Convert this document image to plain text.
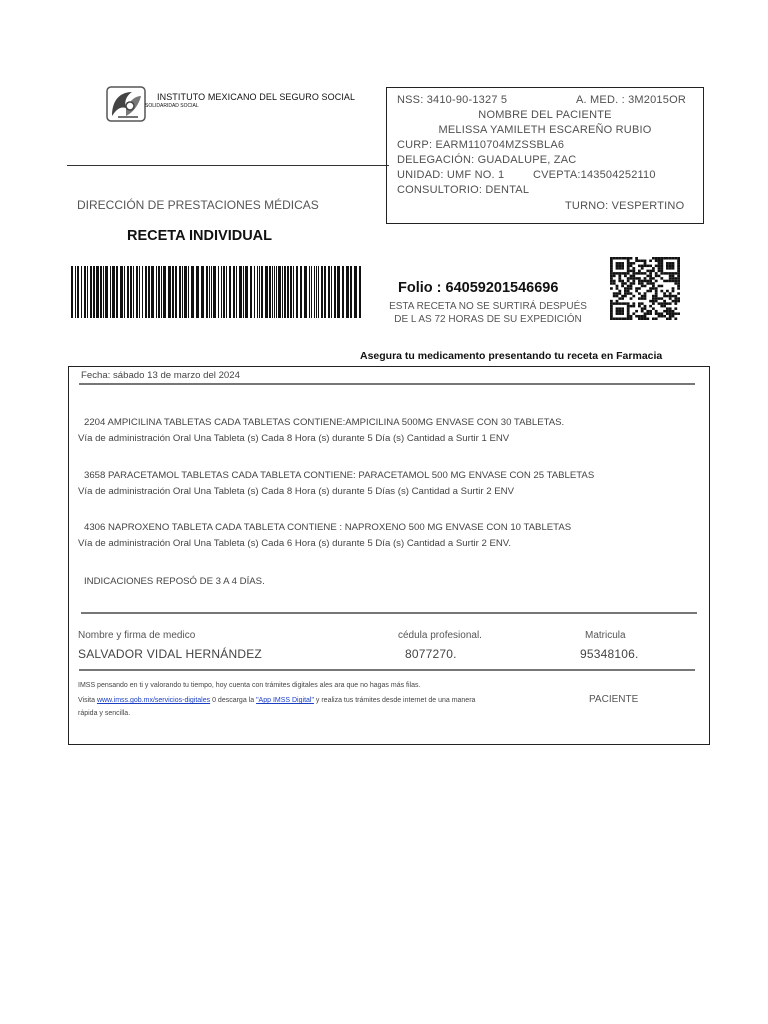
INSTITUTO MEXICANO DEL SEGURO SOCIAL
SOLIDARIDAD SOCIAL	NSS: 3410-90-1327 5	A. MED. : 3M2015OR
NOMBRE DEL PACIENTE
MELISSA YAMILETH ESCAREÑO RUBIO
CURP: EARM110704MZSSBLA6
DELEGACIÓN: GUADALUPE, ZAC
UNIDAD: UMF NO. 1	CVEPTA:143504252110
CONSULTORIO: DENTAL
TURNO: VESPERTINO
DIRECCIÓN DE PRESTACIONES MÉDICAS
RECETA INDIVIDUAL
Folio : 64059201546696
ESTA RECETA NO SE SURTIRÁ DESPUÉS
DE L AS 72 HORAS DE SU EXPEDICIÓN
Asegura tu medicamento presentando tu receta en Farmacia
Fecha: sábado 13 de marzo del 2024
2204 AMPICILINA TABLETAS CADA TABLETAS CONTIENE:AMPICILINA 500MG ENVASE CON 30 TABLETAS.
Vía de administración Oral Una Tableta (s) Cada 8 Hora (s) durante 5 Día (s) Cantidad a Surtir 1 ENV
3658 PARACETAMOL TABLETAS CADA TABLETA CONTIENE: PARACETAMOL 500 MG ENVASE CON 25 TABLETAS
Vía de administración Oral Una Tableta (s) Cada 8 Hora (s) durante 5 Días (s) Cantidad a Surtir 2 ENV
4306 NAPROXENO TABLETA CADA TABLETA CONTIENE : NAPROXENO 500 MG ENVASE CON 10 TABLETAS
Vía de administración Oral Una Tableta (s) Cada 6 Hora (s) durante 5 Día (s) Cantidad a Surtir 2 ENV.
INDICACIONES REPOSÓ DE 3 A 4 DÍAS.
Nombre y firma de medico	cédula profesional.	Matricula
SALVADOR VIDAL HERNÁNDEZ	8077270.	95348106.
IMSS pensando en ti y valorando tu tiempo, hoy cuenta con trámites digitales ales ara que no hagas más filas.
Visita www.imss.gob.mx/servicios-digitales 0 descarga la "App IMSS Digital" y realiza tus trámites desde internet de una manera
rápida y sencilla.
PACIENTE
